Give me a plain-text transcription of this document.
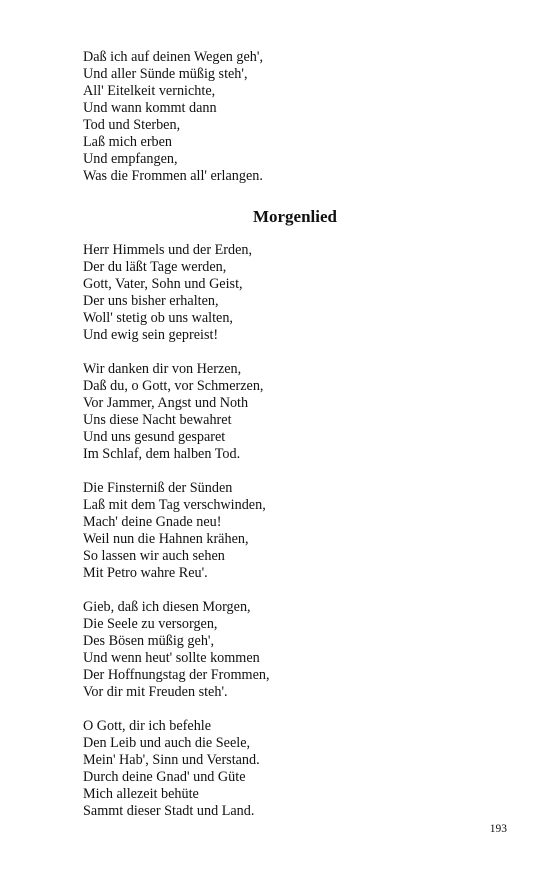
Daß ich auf deinen Wegen geh',
Und aller Sünde müßig steh',
All' Eitelkeit vernichte,
Und wann kommt dann
Tod und Sterben,
Laß mich erben
Und empfangen,
Was die Frommen all' erlangen.
Morgenlied
Herr Himmels und der Erden,
Der du läßt Tage werden,
Gott, Vater, Sohn und Geist,
Der uns bisher erhalten,
Woll' stetig ob uns walten,
Und ewig sein gepreist!
Wir danken dir von Herzen,
Daß du, o Gott, vor Schmerzen,
Vor Jammer, Angst und Noth
Uns diese Nacht bewahret
Und uns gesund gesparet
Im Schlaf, dem halben Tod.
Die Finsterniß der Sünden
Laß mit dem Tag verschwinden,
Mach' deine Gnade neu!
Weil nun die Hahnen krähen,
So lassen wir auch sehen
Mit Petro wahre Reu'.
Gieb, daß ich diesen Morgen,
Die Seele zu versorgen,
Des Bösen müßig geh',
Und wenn heut' sollte kommen
Der Hoffnungstag der Frommen,
Vor dir mit Freuden steh'.
O Gott, dir ich befehle
Den Leib und auch die Seele,
Mein' Hab', Sinn und Verstand.
Durch deine Gnad' und Güte
Mich allezeit behüte
Sammt dieser Stadt und Land.
193
